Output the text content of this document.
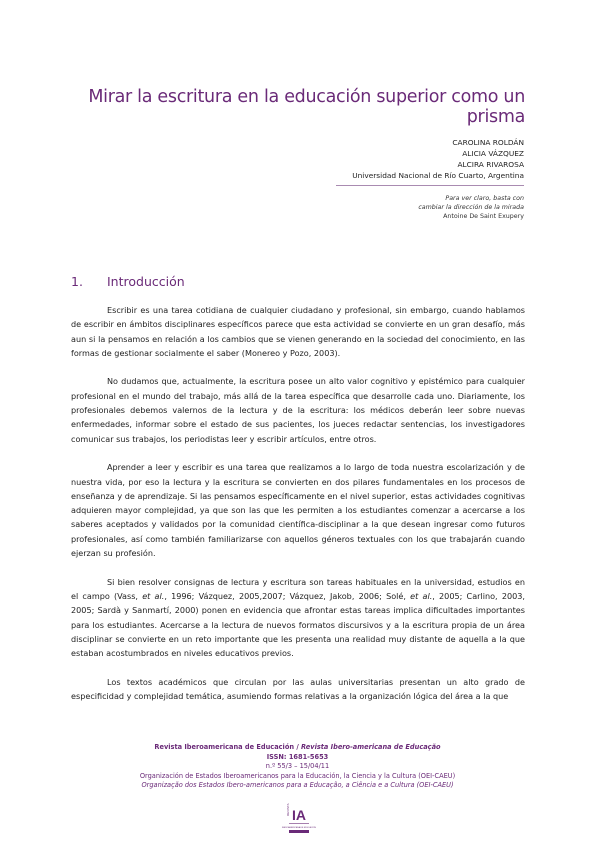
Mirar la escritura en la educación superior como un prisma
CAROLINA ROLDÁN
ALICIA VÁZQUEZ
ALCIRA RIVAROSA
Universidad Nacional de Río Cuarto, Argentina
Para ver claro, basta con
cambiar la dirección de la mirada
Antoine De Saint Exupery
1. Introducción

Escribir es una tarea cotidiana de cualquier ciudadano y profesional, sin embargo, cuando hablamos de escribir en ámbitos disciplinares específicos parece que esta actividad se convierte en un gran desafío, más aun si la pensamos en relación a los cambios que se vienen generando en la sociedad del conocimiento, en las formas de gestionar socialmente el saber (Monereo y Pozo, 2003).

No dudamos que, actualmente, la escritura posee un alto valor cognitivo y epistémico para cualquier profesional en el mundo del trabajo, más allá de la tarea específica que desarrolle cada uno. Diariamente, los profesionales debemos valernos de la lectura y de la escritura: los médicos deberán leer sobre nuevas enfermedades, informar sobre el estado de sus pacientes, los jueces redactar sentencias, los investigadores comunicar sus trabajos, los periodistas leer y escribir artículos, entre otros.

Aprender a leer y escribir es una tarea que realizamos a lo largo de toda nuestra escolarización y de nuestra vida, por eso la lectura y la escritura se convierten en dos pilares fundamentales en los procesos de enseñanza y de aprendizaje. Si las pensamos específicamente en el nivel superior, estas actividades cognitivas adquieren mayor complejidad, ya que son las que les permiten a los estudiantes comenzar a acercarse a los saberes aceptados y validados por la comunidad científica-disciplinar a la que desean ingresar como futuros profesionales, así como también familiarizarse con aquellos géneros textuales con los que trabajarán cuando ejerzan su profesión.

Si bien resolver consignas de lectura y escritura son tareas habituales en la universidad, estudios en el campo (Vass, et al., 1996; Vázquez, 2005,2007; Vázquez, Jakob, 2006; Solé, et al., 2005; Carlino, 2003, 2005; Sardà y Sanmartí, 2000) ponen en evidencia que afrontar estas tareas implica dificultades importantes para los estudiantes. Acercarse a la lectura de nuevos formatos discursivos y a la escritura propia de un área disciplinar se convierte en un reto importante que les presenta una realidad muy distante de aquella a la que estaban acostumbrados en niveles educativos previos.

Los textos académicos que circulan por las aulas universitarias presentan un alto grado de especificidad y complejidad temática, asumiendo formas relativas a la organización lógica del área a la que

Revista Iberoamericana de Educación / Revista Ibero-americana de Educação
ISSN: 1681-5653
n.º 55/3 – 15/04/11
Organización de Estados Iberoamericanos para la Educación, la Ciencia y la Cultura (OEI-CAEU)
Organização dos Estados Ibero-americanos para a Educação, a Ciência e a Cultura (OEI-CAEU)
REVISTA IA
IBEROAMERICANA DE EDUCACIÓN
